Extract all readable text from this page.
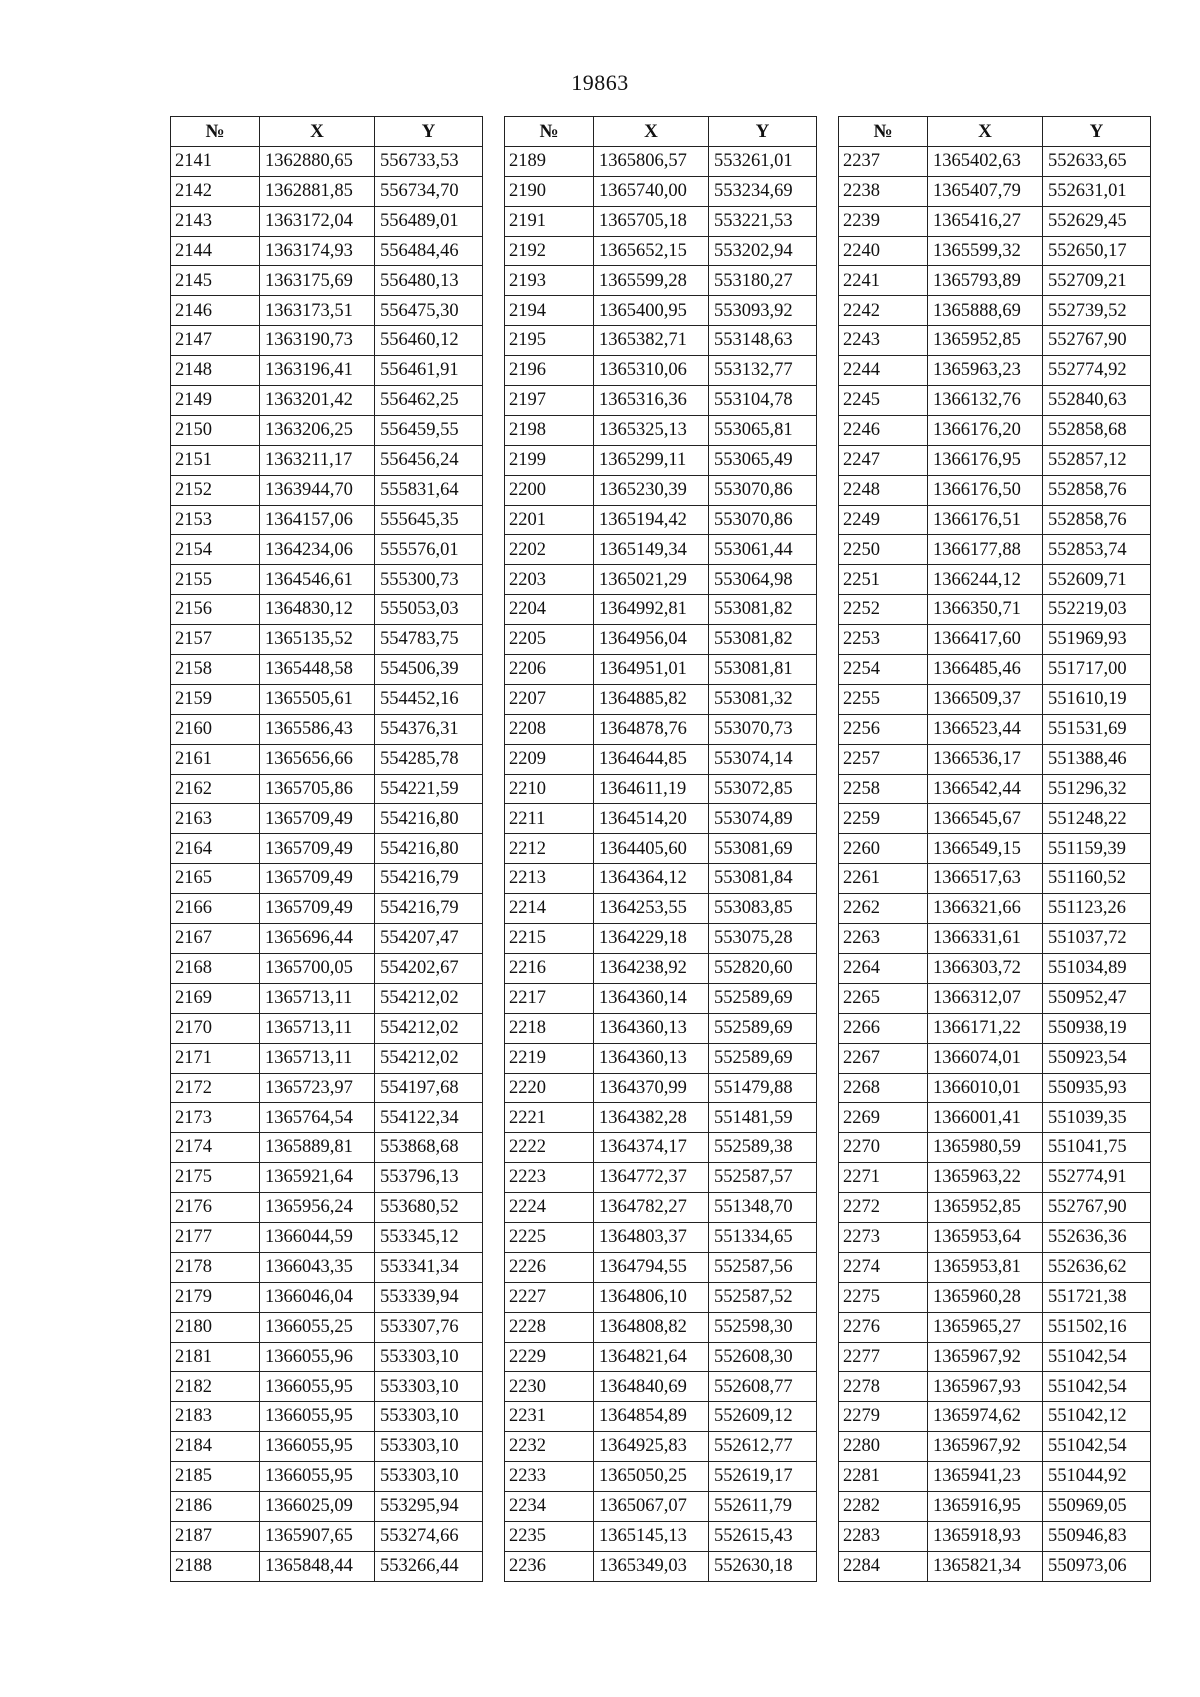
19863
№	X	Y
2141	1362880,65	556733,53
2142	1362881,85	556734,70
2143	1363172,04	556489,01
2144	1363174,93	556484,46
2145	1363175,69	556480,13
2146	1363173,51	556475,30
2147	1363190,73	556460,12
2148	1363196,41	556461,91
2149	1363201,42	556462,25
2150	1363206,25	556459,55
2151	1363211,17	556456,24
2152	1363944,70	555831,64
2153	1364157,06	555645,35
2154	1364234,06	555576,01
2155	1364546,61	555300,73
2156	1364830,12	555053,03
2157	1365135,52	554783,75
2158	1365448,58	554506,39
2159	1365505,61	554452,16
2160	1365586,43	554376,31
2161	1365656,66	554285,78
2162	1365705,86	554221,59
2163	1365709,49	554216,80
2164	1365709,49	554216,80
2165	1365709,49	554216,79
2166	1365709,49	554216,79
2167	1365696,44	554207,47
2168	1365700,05	554202,67
2169	1365713,11	554212,02
2170	1365713,11	554212,02
2171	1365713,11	554212,02
2172	1365723,97	554197,68
2173	1365764,54	554122,34
2174	1365889,81	553868,68
2175	1365921,64	553796,13
2176	1365956,24	553680,52
2177	1366044,59	553345,12
2178	1366043,35	553341,34
2179	1366046,04	553339,94
2180	1366055,25	553307,76
2181	1366055,96	553303,10
2182	1366055,95	553303,10
2183	1366055,95	553303,10
2184	1366055,95	553303,10
2185	1366055,95	553303,10
2186	1366025,09	553295,94
2187	1365907,65	553274,66
2188	1365848,44	553266,44
№	X	Y
2189	1365806,57	553261,01
2190	1365740,00	553234,69
2191	1365705,18	553221,53
2192	1365652,15	553202,94
2193	1365599,28	553180,27
2194	1365400,95	553093,92
2195	1365382,71	553148,63
2196	1365310,06	553132,77
2197	1365316,36	553104,78
2198	1365325,13	553065,81
2199	1365299,11	553065,49
2200	1365230,39	553070,86
2201	1365194,42	553070,86
2202	1365149,34	553061,44
2203	1365021,29	553064,98
2204	1364992,81	553081,82
2205	1364956,04	553081,82
2206	1364951,01	553081,81
2207	1364885,82	553081,32
2208	1364878,76	553070,73
2209	1364644,85	553074,14
2210	1364611,19	553072,85
2211	1364514,20	553074,89
2212	1364405,60	553081,69
2213	1364364,12	553081,84
2214	1364253,55	553083,85
2215	1364229,18	553075,28
2216	1364238,92	552820,60
2217	1364360,14	552589,69
2218	1364360,13	552589,69
2219	1364360,13	552589,69
2220	1364370,99	551479,88
2221	1364382,28	551481,59
2222	1364374,17	552589,38
2223	1364772,37	552587,57
2224	1364782,27	551348,70
2225	1364803,37	551334,65
2226	1364794,55	552587,56
2227	1364806,10	552587,52
2228	1364808,82	552598,30
2229	1364821,64	552608,30
2230	1364840,69	552608,77
2231	1364854,89	552609,12
2232	1364925,83	552612,77
2233	1365050,25	552619,17
2234	1365067,07	552611,79
2235	1365145,13	552615,43
2236	1365349,03	552630,18
№	X	Y
2237	1365402,63	552633,65
2238	1365407,79	552631,01
2239	1365416,27	552629,45
2240	1365599,32	552650,17
2241	1365793,89	552709,21
2242	1365888,69	552739,52
2243	1365952,85	552767,90
2244	1365963,23	552774,92
2245	1366132,76	552840,63
2246	1366176,20	552858,68
2247	1366176,95	552857,12
2248	1366176,50	552858,76
2249	1366176,51	552858,76
2250	1366177,88	552853,74
2251	1366244,12	552609,71
2252	1366350,71	552219,03
2253	1366417,60	551969,93
2254	1366485,46	551717,00
2255	1366509,37	551610,19
2256	1366523,44	551531,69
2257	1366536,17	551388,46
2258	1366542,44	551296,32
2259	1366545,67	551248,22
2260	1366549,15	551159,39
2261	1366517,63	551160,52
2262	1366321,66	551123,26
2263	1366331,61	551037,72
2264	1366303,72	551034,89
2265	1366312,07	550952,47
2266	1366171,22	550938,19
2267	1366074,01	550923,54
2268	1366010,01	550935,93
2269	1366001,41	551039,35
2270	1365980,59	551041,75
2271	1365963,22	552774,91
2272	1365952,85	552767,90
2273	1365953,64	552636,36
2274	1365953,81	552636,62
2275	1365960,28	551721,38
2276	1365965,27	551502,16
2277	1365967,92	551042,54
2278	1365967,93	551042,54
2279	1365974,62	551042,12
2280	1365967,92	551042,54
2281	1365941,23	551044,92
2282	1365916,95	550969,05
2283	1365918,93	550946,83
2284	1365821,34	550973,06
